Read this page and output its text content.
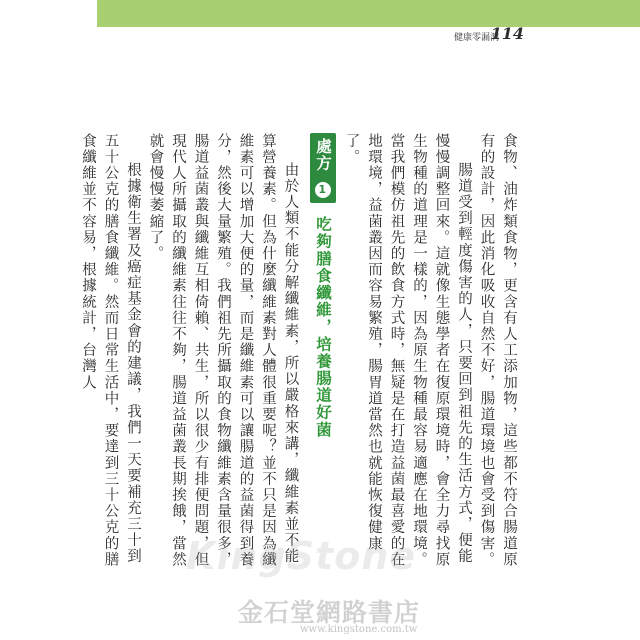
健康零漏洞
114

食物、油炸類食物，更含有人工添加物，這些都不符合腸道原有的設計，因此消化吸收自然不好，腸道環境也會受到傷害。

腸道受到輕度傷害的人，只要回到祖先的生活方式，便能慢慢調整回來。這就像生態學者在復原環境時，會全力尋找原生物種的道理是一樣的，因為原生物種最容易適應在地環境。當我們模仿祖先的飲食方式時，無疑是在打造益菌最喜愛的在地環境，益菌叢因而容易繁殖，腸胃道當然也就能恢復健康了。

處方 1 吃夠膳食纖維，培養腸道好菌

由於人類不能分解纖維素，所以嚴格來講，纖維素並不能算營養素。但為什麼纖維素對人體很重要呢？並不只是因為纖維素可以增加大便的量，而是纖維素可以讓腸道的益菌得到養分，然後大量繁殖。我們祖先所攝取的食物纖維素含量很多，腸道益菌叢與纖維互相倚賴、共生，所以很少有排便問題，但現代人所攝取的纖維素往往不夠，腸道益菌叢長期挨餓，當然就會慢慢萎縮了。

根據衛生署及癌症基金會的建議，我們一天要補充三十到五十公克的膳食纖維。然而日常生活中，要達到三十公克的膳食纖維並不容易，根據統計，台灣人

KingStone
金石堂網路書店
www.kingstone.com.tw
